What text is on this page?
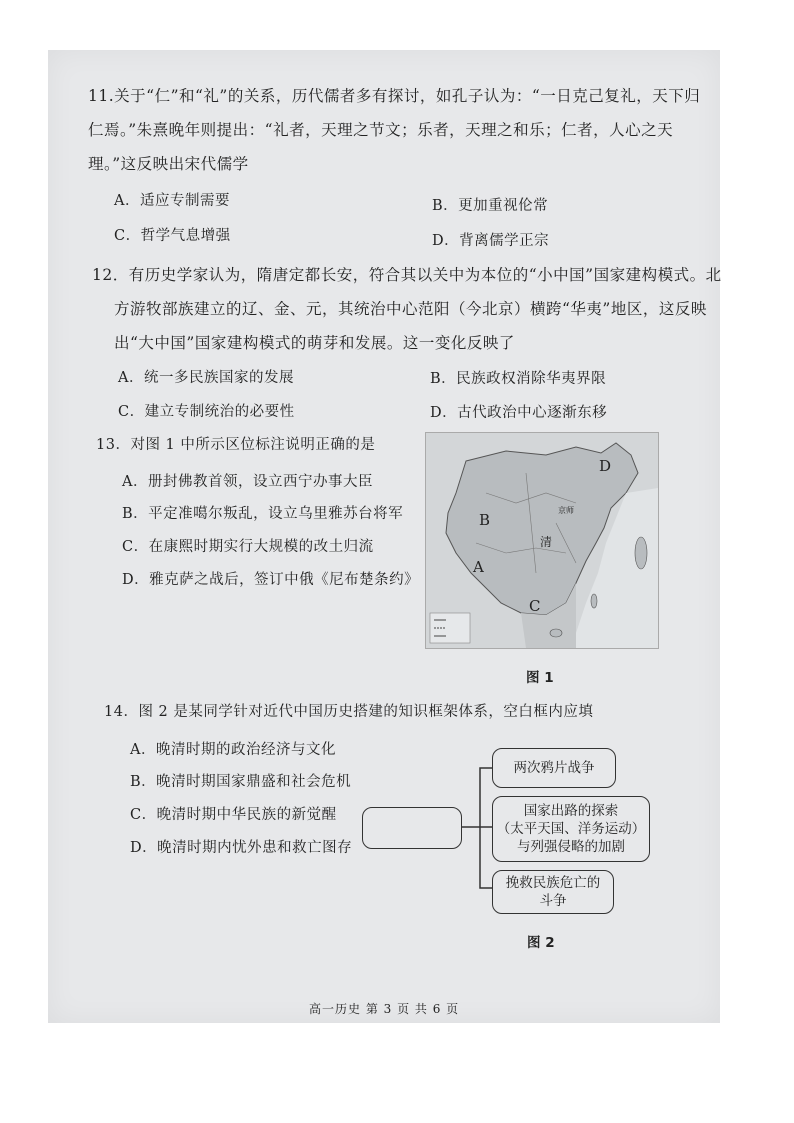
11.关于“仁”和“礼”的关系，历代儒者多有探讨，如孔子认为：“一日克己复礼，天下归
仁焉。”朱熹晚年则提出：“礼者，天理之节文；乐者，天理之和乐；仁者，人心之天
理。”这反映出宋代儒学
A．适应专制需要	B．更加重视伦常
C．哲学气息增强	D．背离儒学正宗
12．有历史学家认为，隋唐定都长安，符合其以关中为本位的“小中国”国家建构模式。北
方游牧部族建立的辽、金、元，其统治中心范阳（今北京）横跨“华夷”地区，这反映
出“大中国”国家建构模式的萌芽和发展。这一变化反映了
A．统一多民族国家的发展	B．民族政权消除华夷界限
C．建立专制统治的必要性	D．古代政治中心逐渐东移
13．对图 1 中所示区位标注说明正确的是
A．册封佛教首领，设立西宁办事大臣
B．平定准噶尔叛乱，设立乌里雅苏台将军
C．在康熙时期实行大规模的改土归流
D．雅克萨之战后，签订中俄《尼布楚条约》
B
A
C
D
清
京师
图 1
14．图 2 是某同学针对近代中国历史搭建的知识框架体系，空白框内应填
A．晚清时期的政治经济与文化
B．晚清时期国家鼎盛和社会危机
C．晚清时期中华民族的新觉醒
D．晚清时期内忧外患和救亡图存
两次鸦片战争
国家出路的探索
（太平天国、洋务运动）
与列强侵略的加剧
挽救民族危亡的
斗争
图 2
高一历史 第 3 页 共 6 页
